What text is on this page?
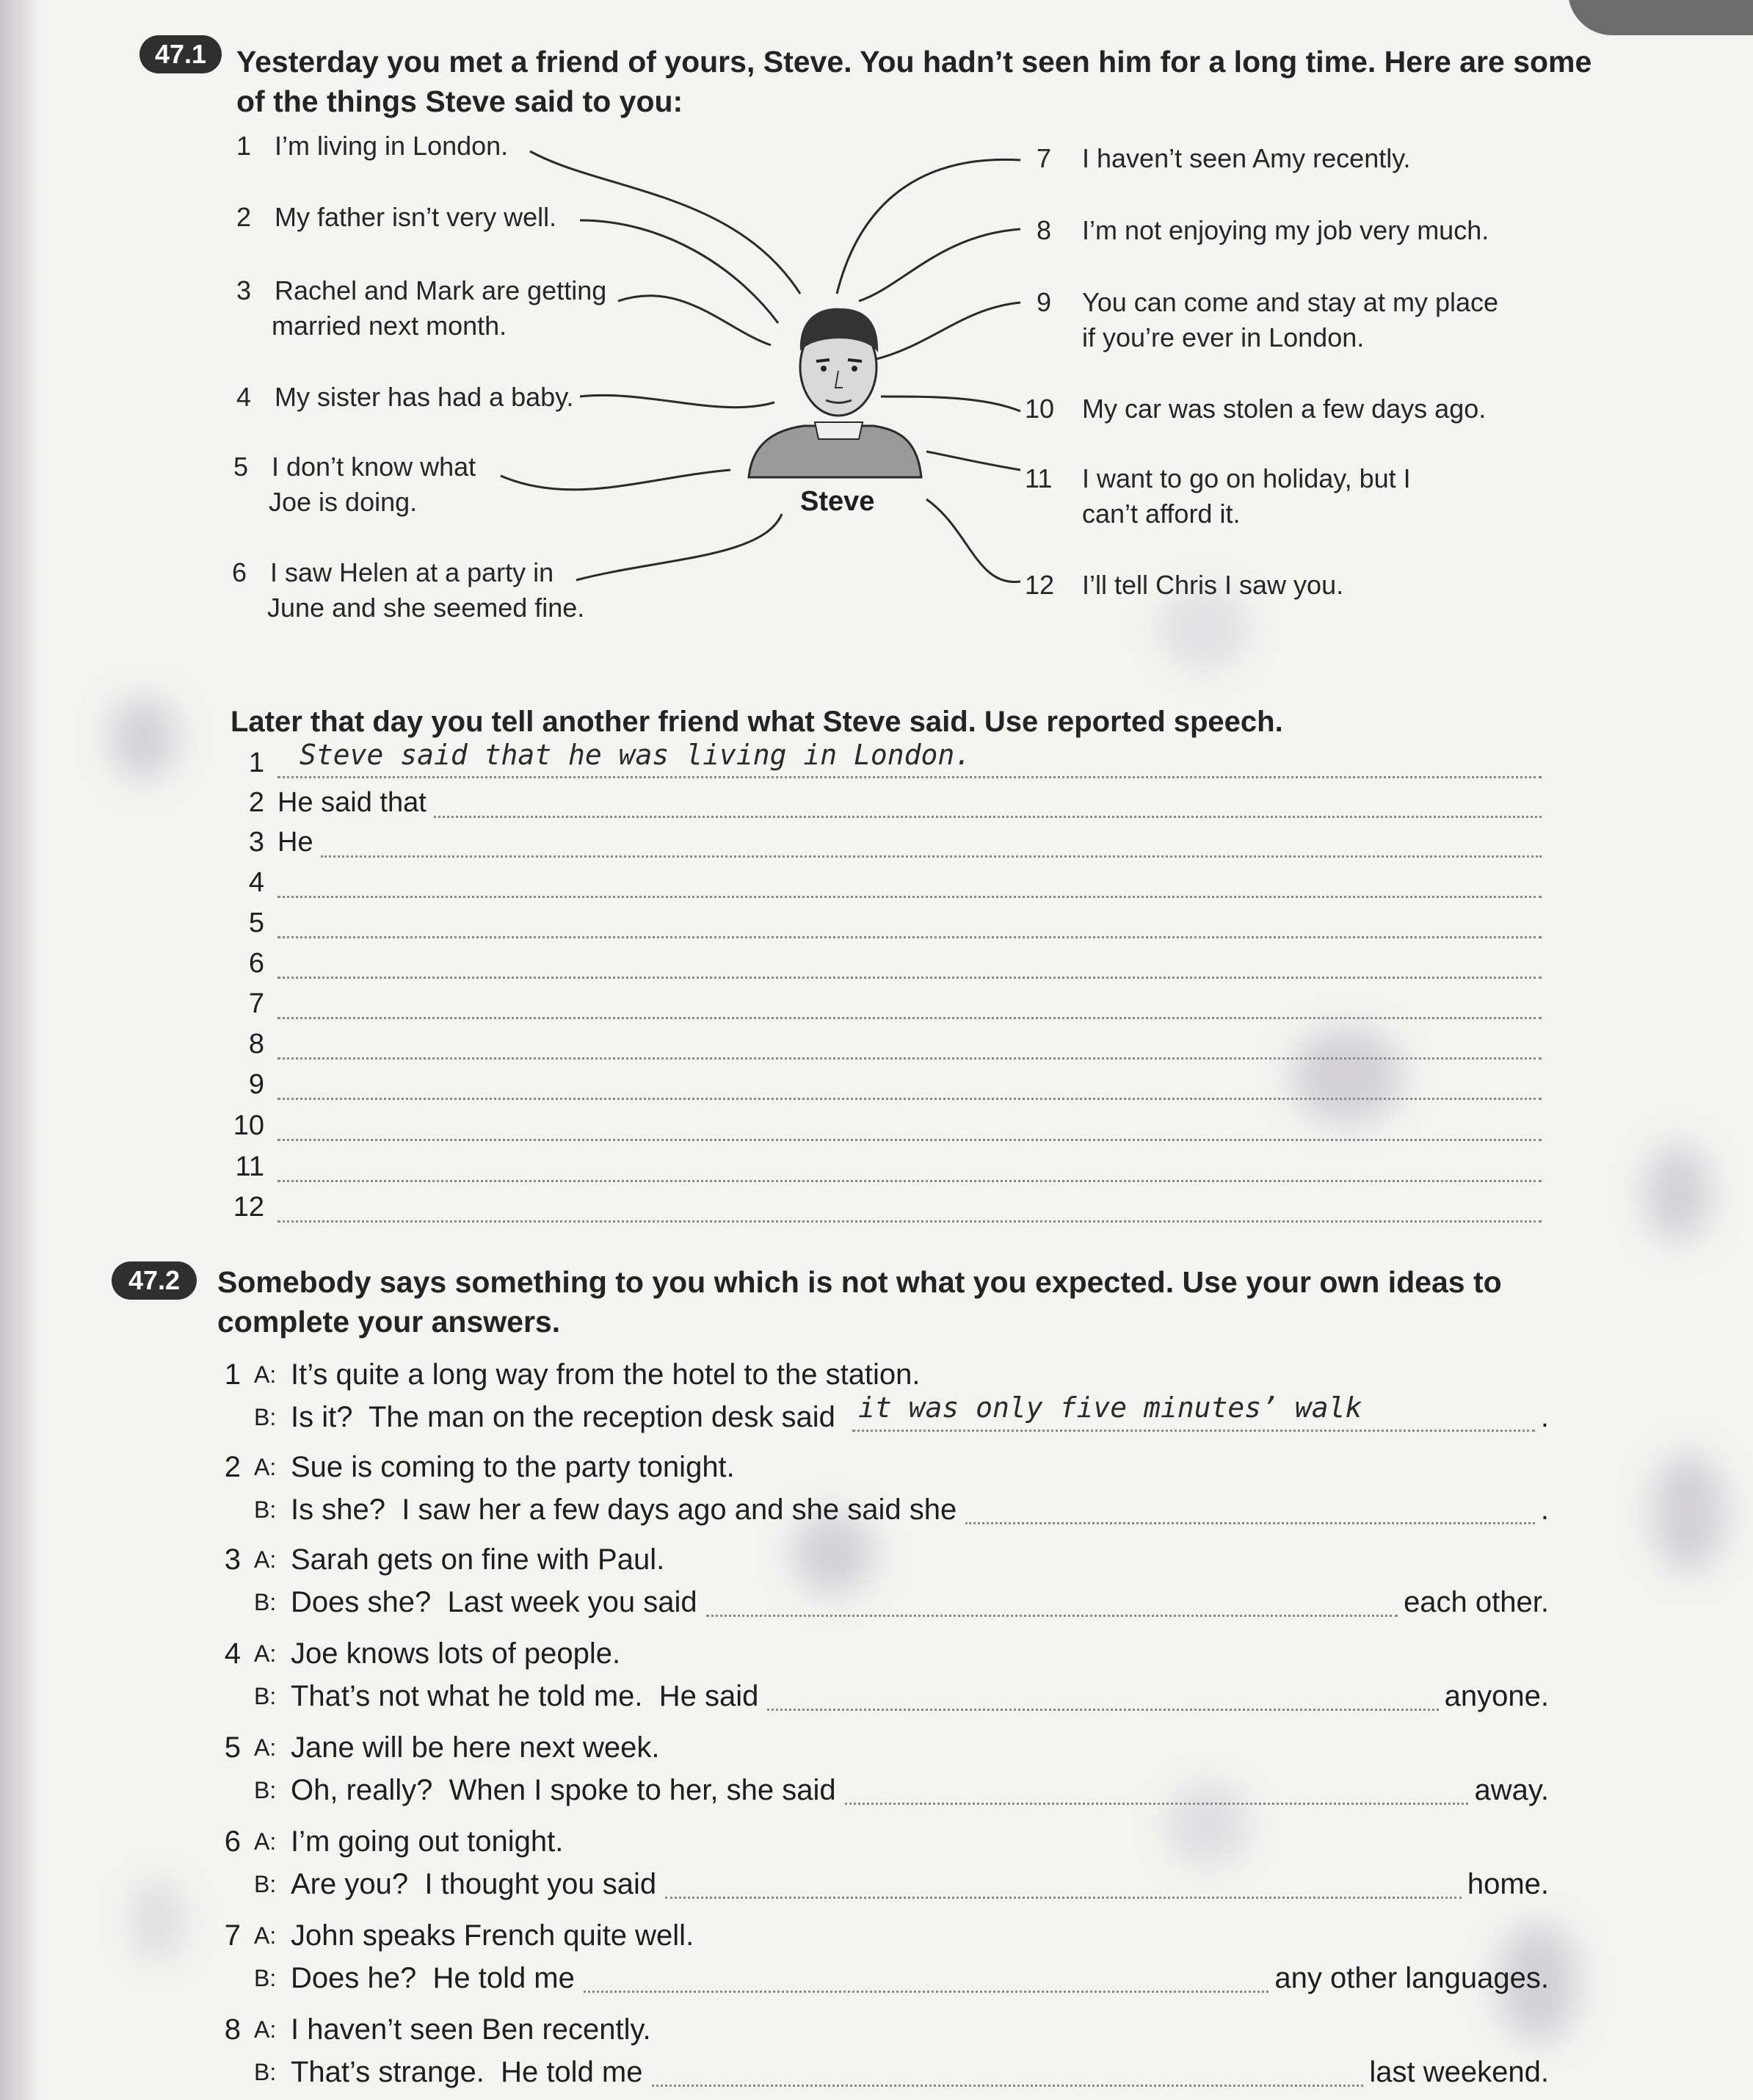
47.1 Yesterday you met a friend of yours, Steve. You hadn’t seen him for a long time. Here are some
of the things Steve said to you:
Steve
1 I’m living in London.
2 My father isn’t very well.
3 Rachel and Mark are getting
married next month.
4 My sister has had a baby.
5 I don’t know what
Joe is doing.
6 I saw Helen at a party in
June and she seemed fine.
7 I haven’t seen Amy recently.
8 I’m not enjoying my job very much.
9 You can come and stay at my place
if you’re ever in London.
10 My car was stolen a few days ago.
11 I want to go on holiday, but I
can’t afford it.
12 I’ll tell Chris I saw you.
Later that day you tell another friend what Steve said. Use reported speech.
1	Steve said that he was living in London.
2 He said that
3 He
4
5
6
7
8
9
10
11
12
47.2	Somebody says something to you which is not what you expected. Use your own ideas to
complete your answers.
1 A: It’s quite a long way from the hotel to the station.
B: Is it?  The man on the reception desk said it was only five minutes’ walk	.
2 A: Sue is coming to the party tonight.
B: Is she?  I saw her a few days ago and she said she	.
3 A: Sarah gets on fine with Paul.
B: Does she?  Last week you said	each other.
4 A: Joe knows lots of people.
B: That’s not what he told me.  He said	anyone.
5 A: Jane will be here next week.
B: Oh, really?  When I spoke to her, she said	away.
6 A: I’m going out tonight.
B: Are you?  I thought you said	home.
7 A: John speaks French quite well.
B: Does he?  He told me	any other languages.
8 A: I haven’t seen Ben recently.
B: That’s strange.  He told me	last weekend.
